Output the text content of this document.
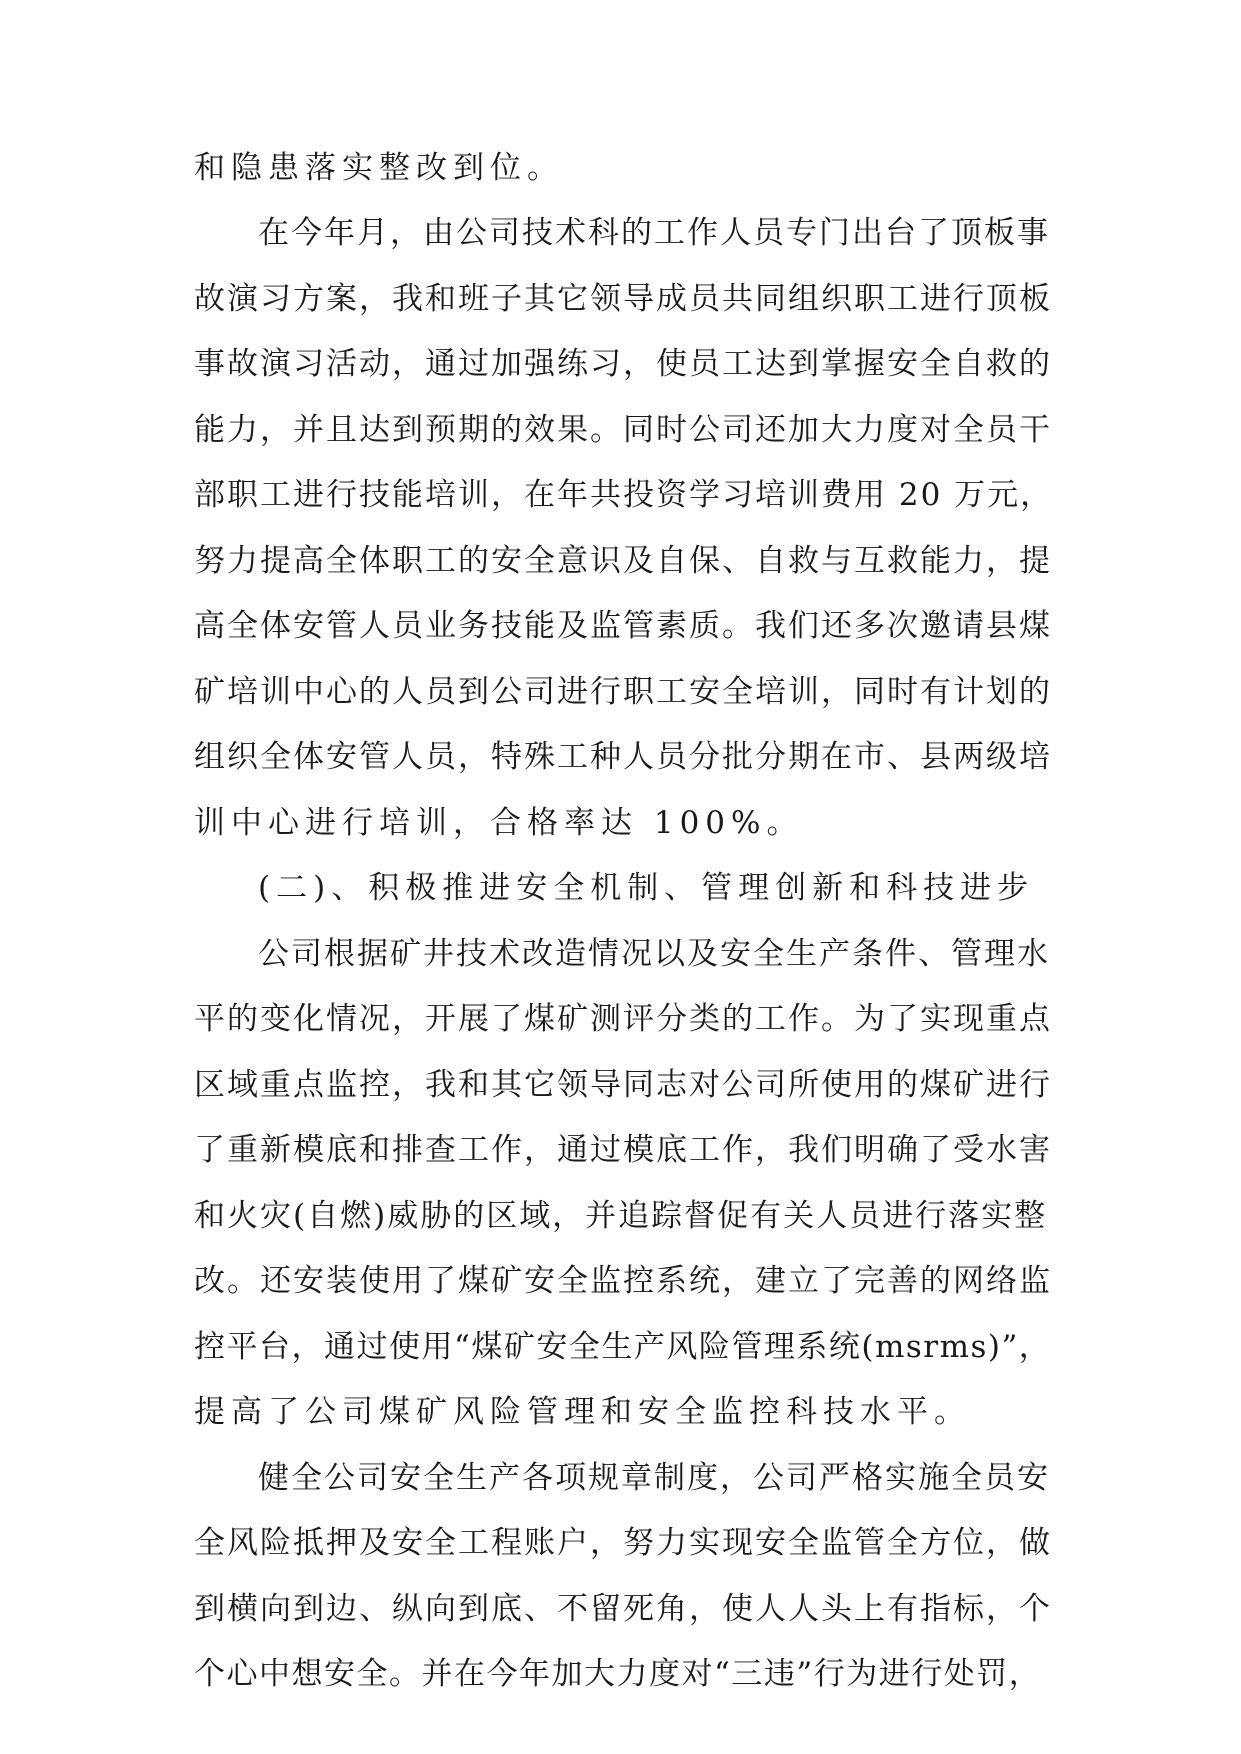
和隐患落实整改到位。
在今年月，由公司技术科的工作人员专门出台了顶板事
故演习方案，我和班子其它领导成员共同组织职工进行顶板
事故演习活动，通过加强练习，使员工达到掌握安全自救的
能力，并且达到预期的效果。同时公司还加大力度对全员干
部职工进行技能培训，在年共投资学习培训费用 20 万元，
努力提高全体职工的安全意识及自保、自救与互救能力，提
高全体安管人员业务技能及监管素质。我们还多次邀请县煤
矿培训中心的人员到公司进行职工安全培训，同时有计划的
组织全体安管人员，特殊工种人员分批分期在市、县两级培
训中心进行培训，合格率达 100%。
(二)、积极推进安全机制、管理创新和科技进步
公司根据矿井技术改造情况以及安全生产条件、管理水
平的变化情况，开展了煤矿测评分类的工作。为了实现重点
区域重点监控，我和其它领导同志对公司所使用的煤矿进行
了重新模底和排查工作，通过模底工作，我们明确了受水害
和火灾(自燃)威胁的区域，并追踪督促有关人员进行落实整
改。还安装使用了煤矿安全监控系统，建立了完善的网络监
控平台，通过使用“煤矿安全生产风险管理系统(msrms)”，
提高了公司煤矿风险管理和安全监控科技水平。
健全公司安全生产各项规章制度，公司严格实施全员安
全风险抵押及安全工程账户，努力实现安全监管全方位，做
到横向到边、纵向到底、不留死角，使人人头上有指标，个
个心中想安全。并在今年加大力度对“三违”行为进行处罚，
